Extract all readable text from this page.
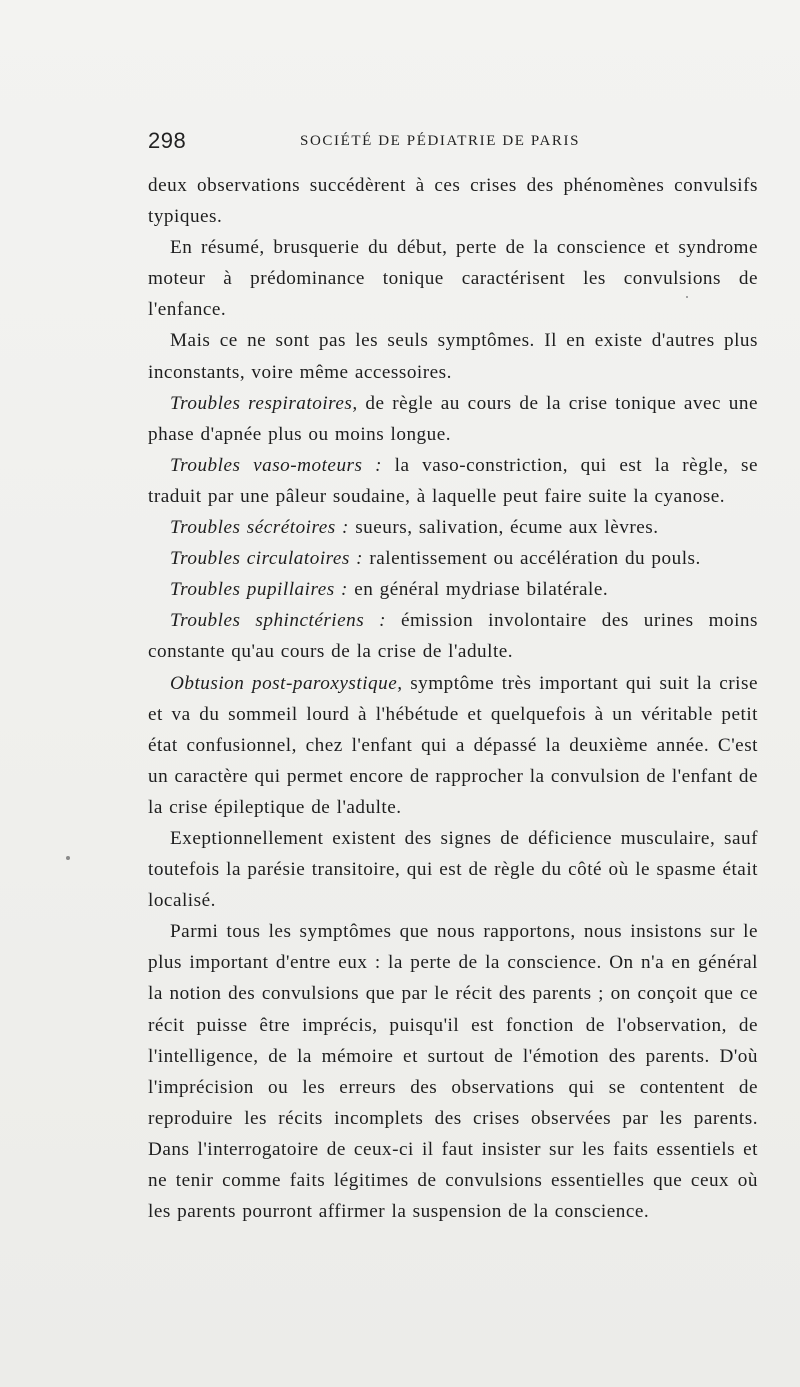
298	SOCIÉTÉ DE PÉDIATRIE DE PARIS

deux observations succédèrent à ces crises des phénomènes convulsifs typiques.

En résumé, brusquerie du début, perte de la conscience et syndrome moteur à prédominance tonique caractérisent les convulsions de l'enfance.

Mais ce ne sont pas les seuls symptômes. Il en existe d'autres plus inconstants, voire même accessoires.

Troubles respiratoires, de règle au cours de la crise tonique avec une phase d'apnée plus ou moins longue.

Troubles vaso-moteurs : la vaso-constriction, qui est la règle, se traduit par une pâleur soudaine, à laquelle peut faire suite la cyanose.

Troubles sécrétoires : sueurs, salivation, écume aux lèvres.

Troubles circulatoires : ralentissement ou accélération du pouls.

Troubles pupillaires : en général mydriase bilatérale.

Troubles sphinctériens : émission involontaire des urines moins constante qu'au cours de la crise de l'adulte.

Obtusion post-paroxystique, symptôme très important qui suit la crise et va du sommeil lourd à l'hébétude et quelquefois à un véritable petit état confusionnel, chez l'enfant qui a dépassé la deuxième année. C'est un caractère qui permet encore de rapprocher la convulsion de l'enfant de la crise épileptique de l'adulte.

Exeptionnellement existent des signes de déficience musculaire, sauf toutefois la parésie transitoire, qui est de règle du côté où le spasme était localisé.

Parmi tous les symptômes que nous rapportons, nous insistons sur le plus important d'entre eux : la perte de la conscience. On n'a en général la notion des convulsions que par le récit des parents ; on conçoit que ce récit puisse être imprécis, puisqu'il est fonction de l'observation, de l'intelligence, de la mémoire et surtout de l'émotion des parents. D'où l'imprécision ou les erreurs des observations qui se contentent de reproduire les récits incomplets des crises observées par les parents. Dans l'interrogatoire de ceux-ci il faut insister sur les faits essentiels et ne tenir comme faits légitimes de convulsions essentielles que ceux où les parents pourront affirmer la suspension de la conscience.
